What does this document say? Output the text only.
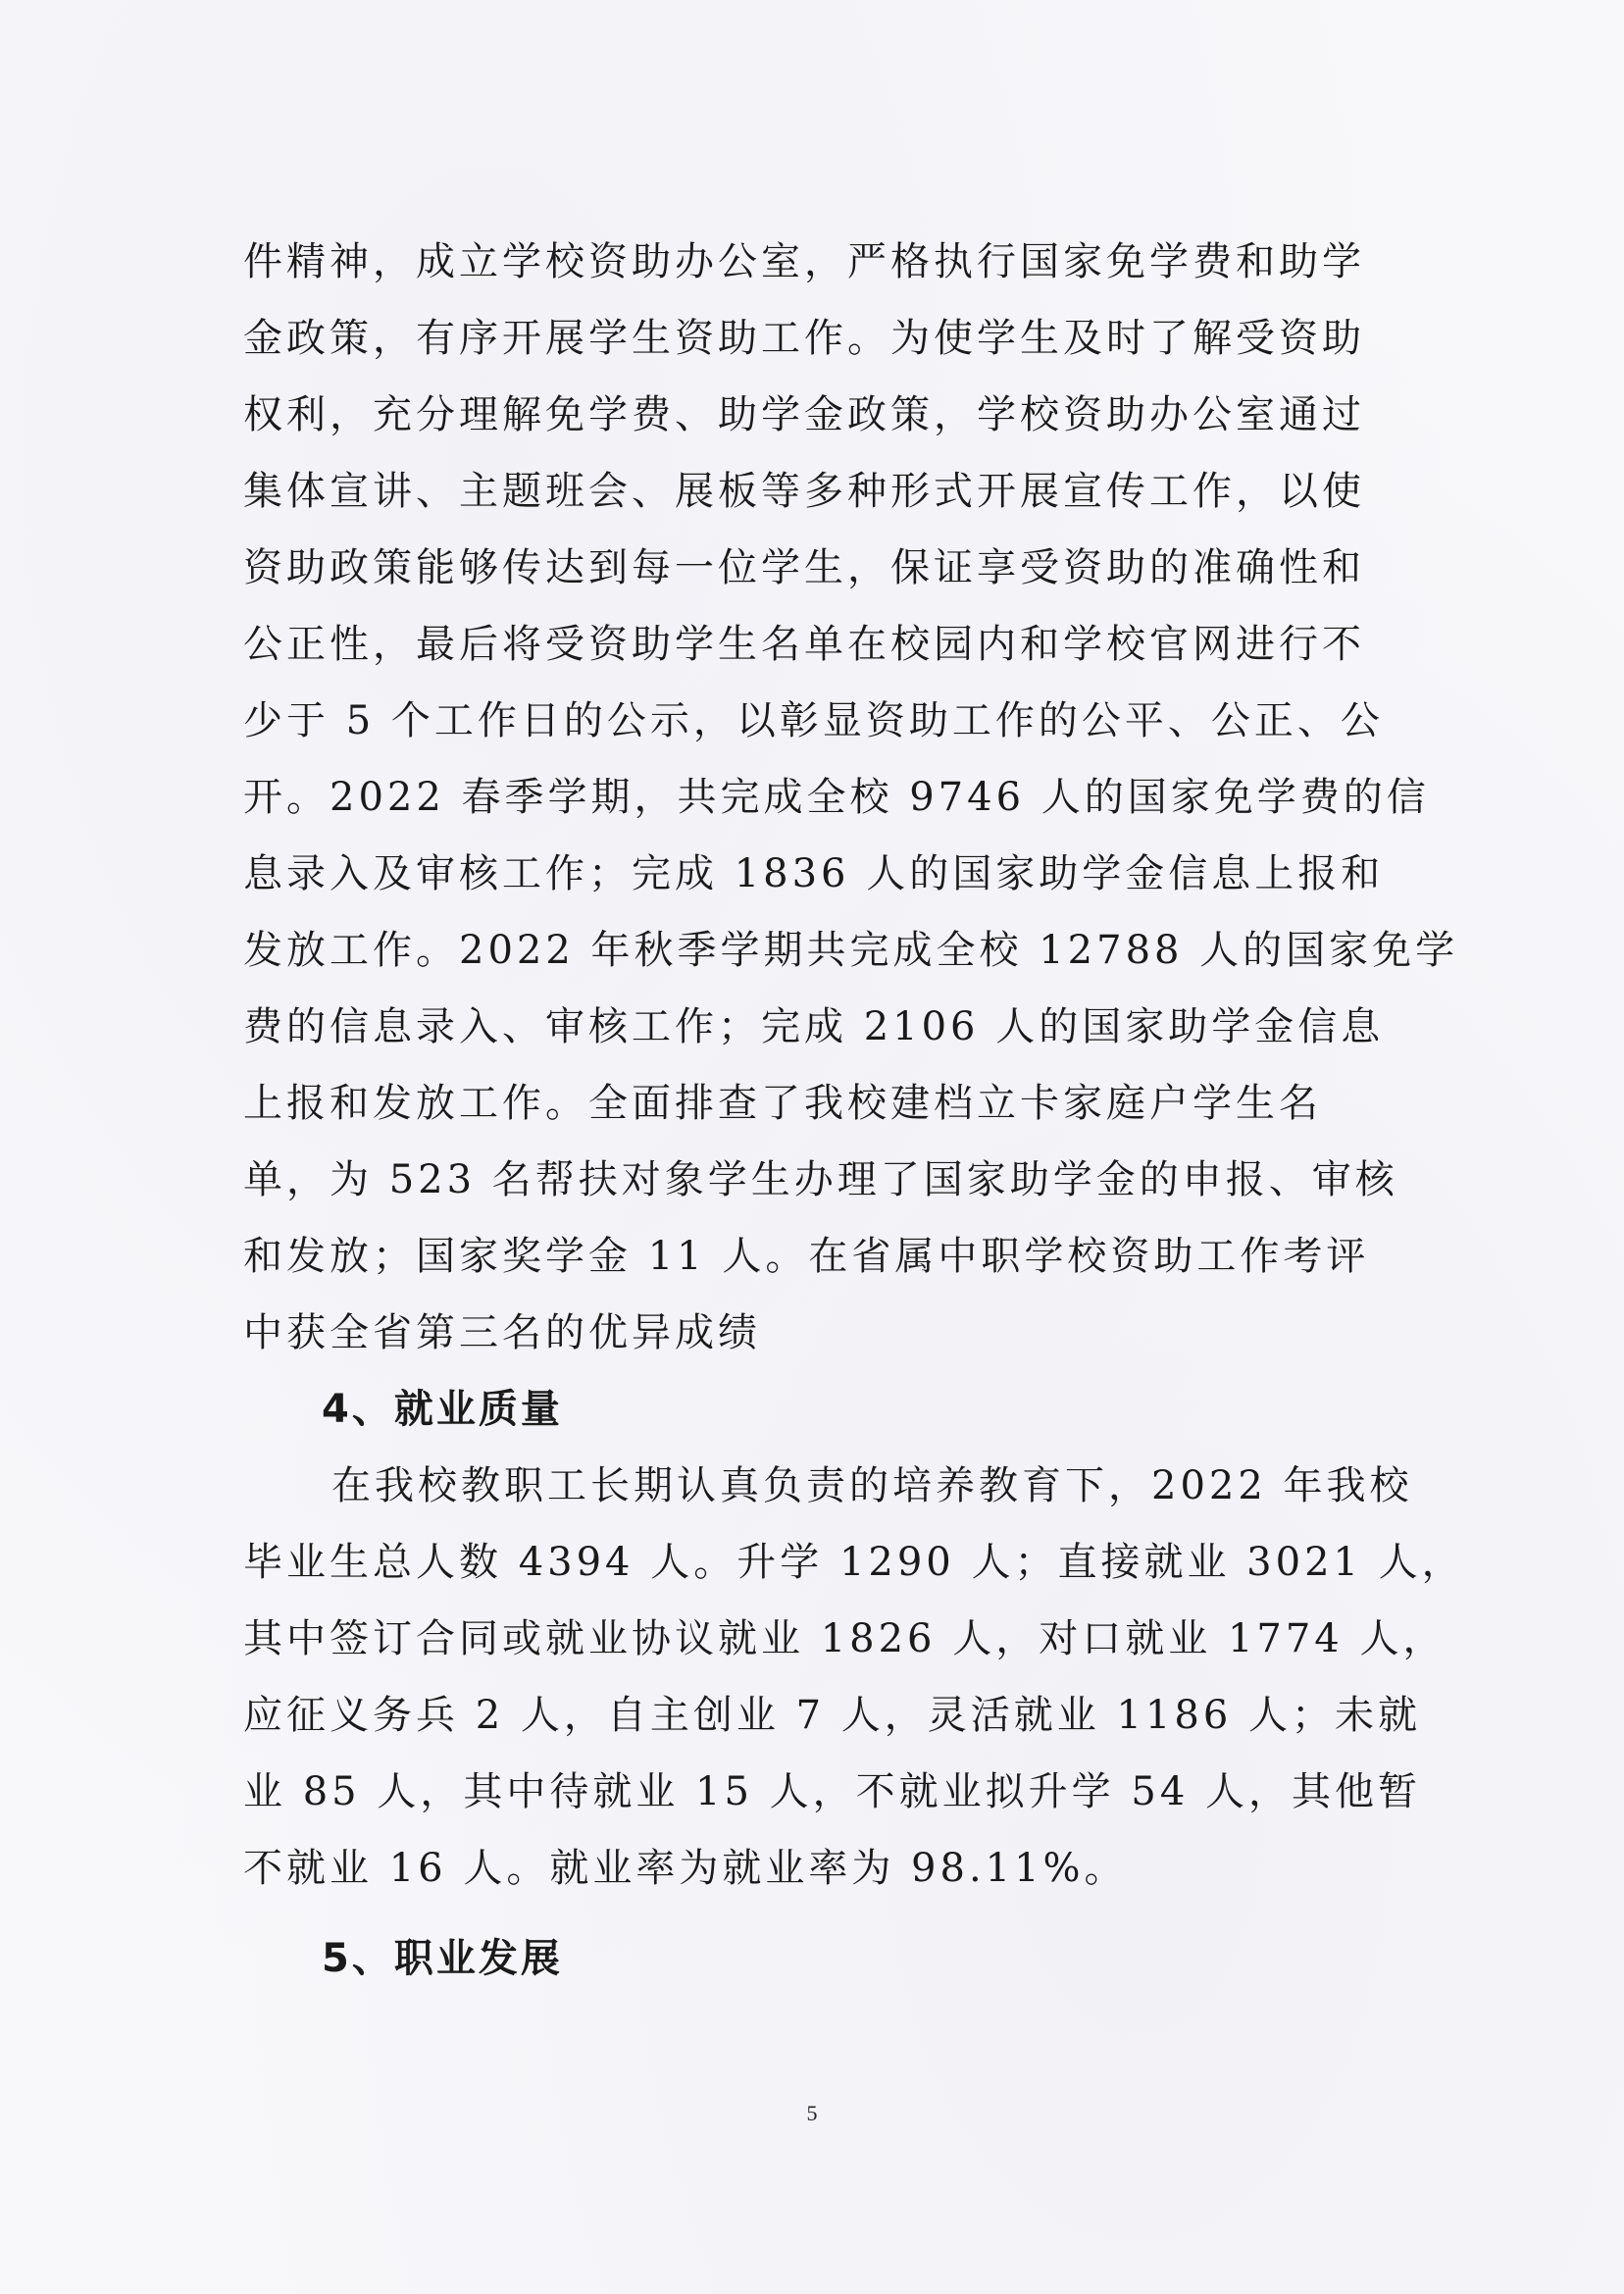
件精神，成立学校资助办公室，严格执行国家免学费和助学
金政策，有序开展学生资助工作。为使学生及时了解受资助
权利，充分理解免学费、助学金政策，学校资助办公室通过
集体宣讲、主题班会、展板等多种形式开展宣传工作，以使
资助政策能够传达到每一位学生，保证享受资助的准确性和
公正性，最后将受资助学生名单在校园内和学校官网进行不
少于 5 个工作日的公示，以彰显资助工作的公平、公正、公
开。2022 春季学期，共完成全校 9746 人的国家免学费的信
息录入及审核工作；完成 1836 人的国家助学金信息上报和
发放工作。2022 年秋季学期共完成全校 12788 人的国家免学
费的信息录入、审核工作；完成 2106 人的国家助学金信息
上报和发放工作。全面排查了我校建档立卡家庭户学生名
单，为 523 名帮扶对象学生办理了国家助学金的申报、审核
和发放；国家奖学金 11 人。在省属中职学校资助工作考评
中获全省第三名的优异成绩
4、就业质量
在我校教职工长期认真负责的培养教育下，2022 年我校
毕业生总人数 4394 人。升学 1290 人；直接就业 3021 人，
其中签订合同或就业协议就业 1826 人，对口就业 1774 人，
应征义务兵 2 人，自主创业 7 人，灵活就业 1186 人；未就
业 85 人，其中待就业 15 人，不就业拟升学 54 人，其他暂
不就业 16 人。就业率为就业率为 98.11%。
5、职业发展
5
